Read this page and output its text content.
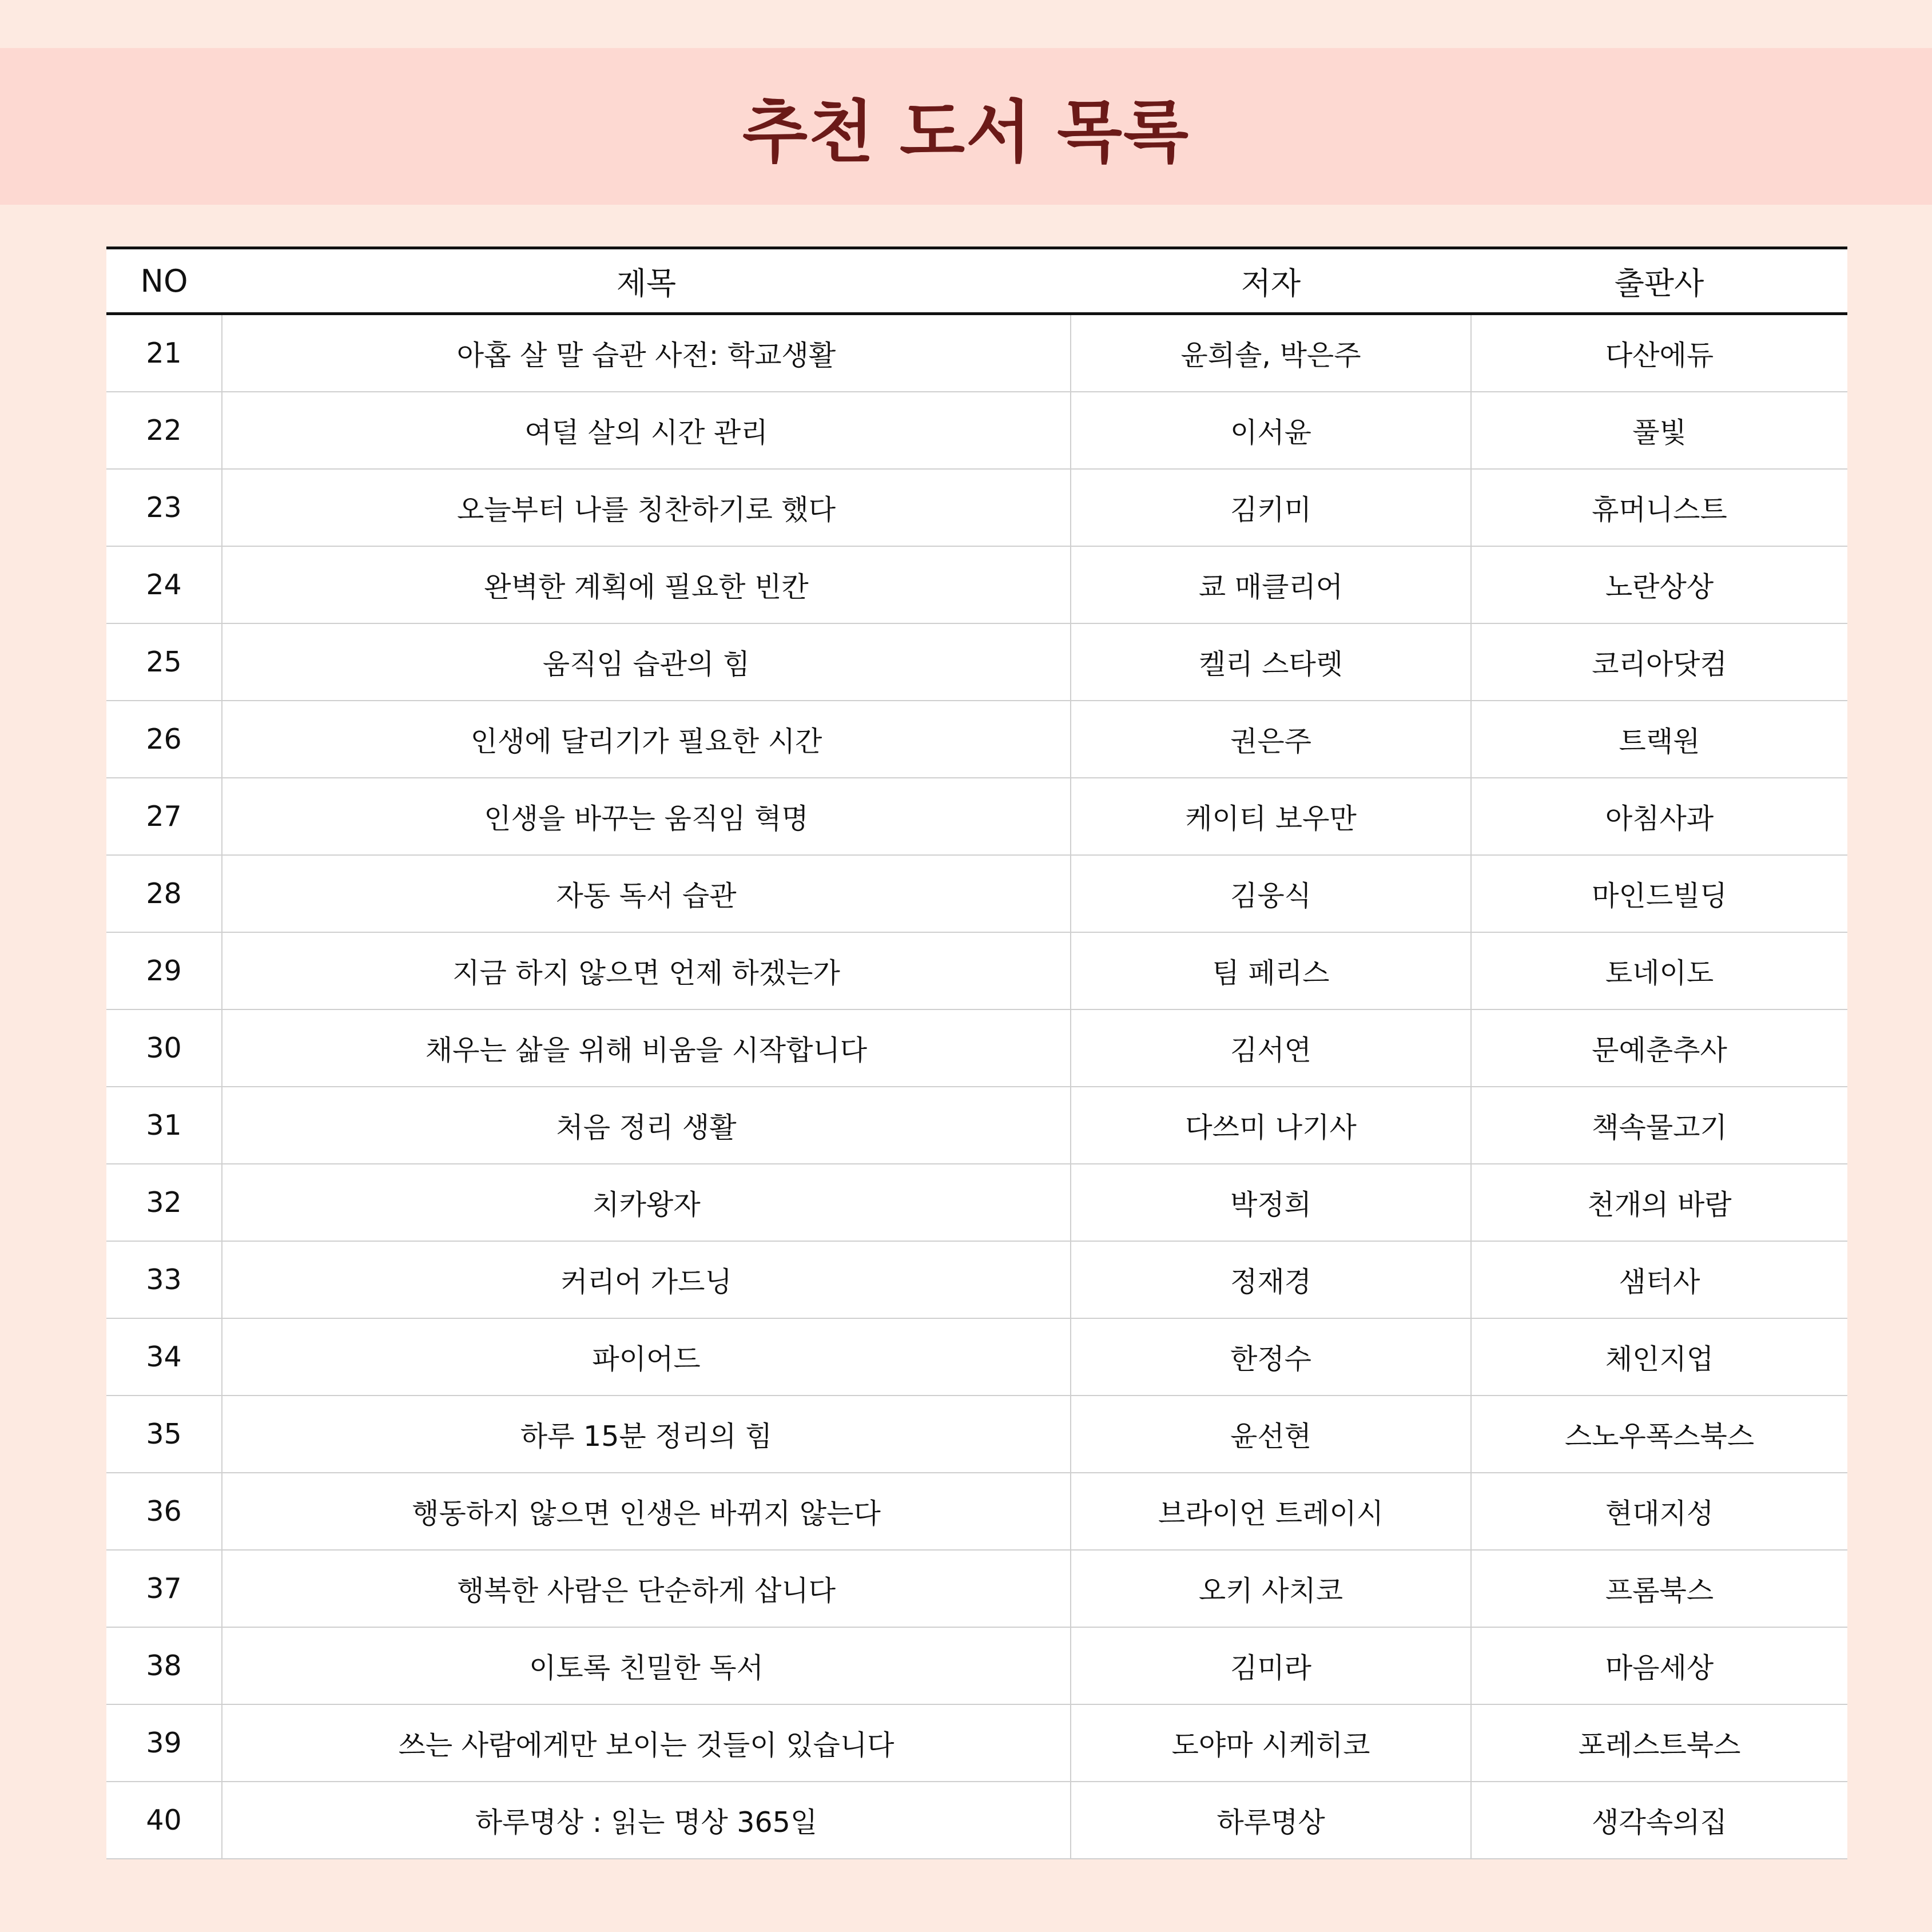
추천 도서 목록
NO	제목	저자	출판사
21	아홉 살 말 습관 사전: 학교생활	윤희솔, 박은주	다산에듀
22	여덜 살의 시간 관리	이서윤	풀빛
23	오늘부터 나를 칭찬하기로 했다	김키미	휴머니스트
24	완벽한 계획에 필요한 빈칸	쿄 매클리어	노란상상
25	움직임 습관의 힘	켈리 스타렛	코리아닷컴
26	인생에 달리기가 필요한 시간	권은주	트랙원
27	인생을 바꾸는 움직임 혁명	케이티 보우만	아침사과
28	자동 독서 습관	김웅식	마인드빌딩
29	지금 하지 않으면 언제 하겠는가	팀 페리스	토네이도
30	채우는 삶을 위해 비움을 시작합니다	김서연	문예춘추사
31	처음 정리 생활	다쓰미 나기사	책속물고기
32	치카왕자	박정희	천개의 바람
33	커리어 가드닝	정재경	샘터사
34	파이어드	한정수	체인지업
35	하루 15분 정리의 힘	윤선현	스노우폭스북스
36	행동하지 않으면 인생은 바뀌지 않는다	브라이언 트레이시	현대지성
37	행복한 사람은 단순하게 삽니다	오키 사치코	프롬북스
38	이토록 친밀한 독서	김미라	마음세상
39	쓰는 사람에게만 보이는 것들이 있습니다	도야마 시케히코	포레스트북스
40	하루명상 : 읽는 명상 365일	하루명상	생각속의집
